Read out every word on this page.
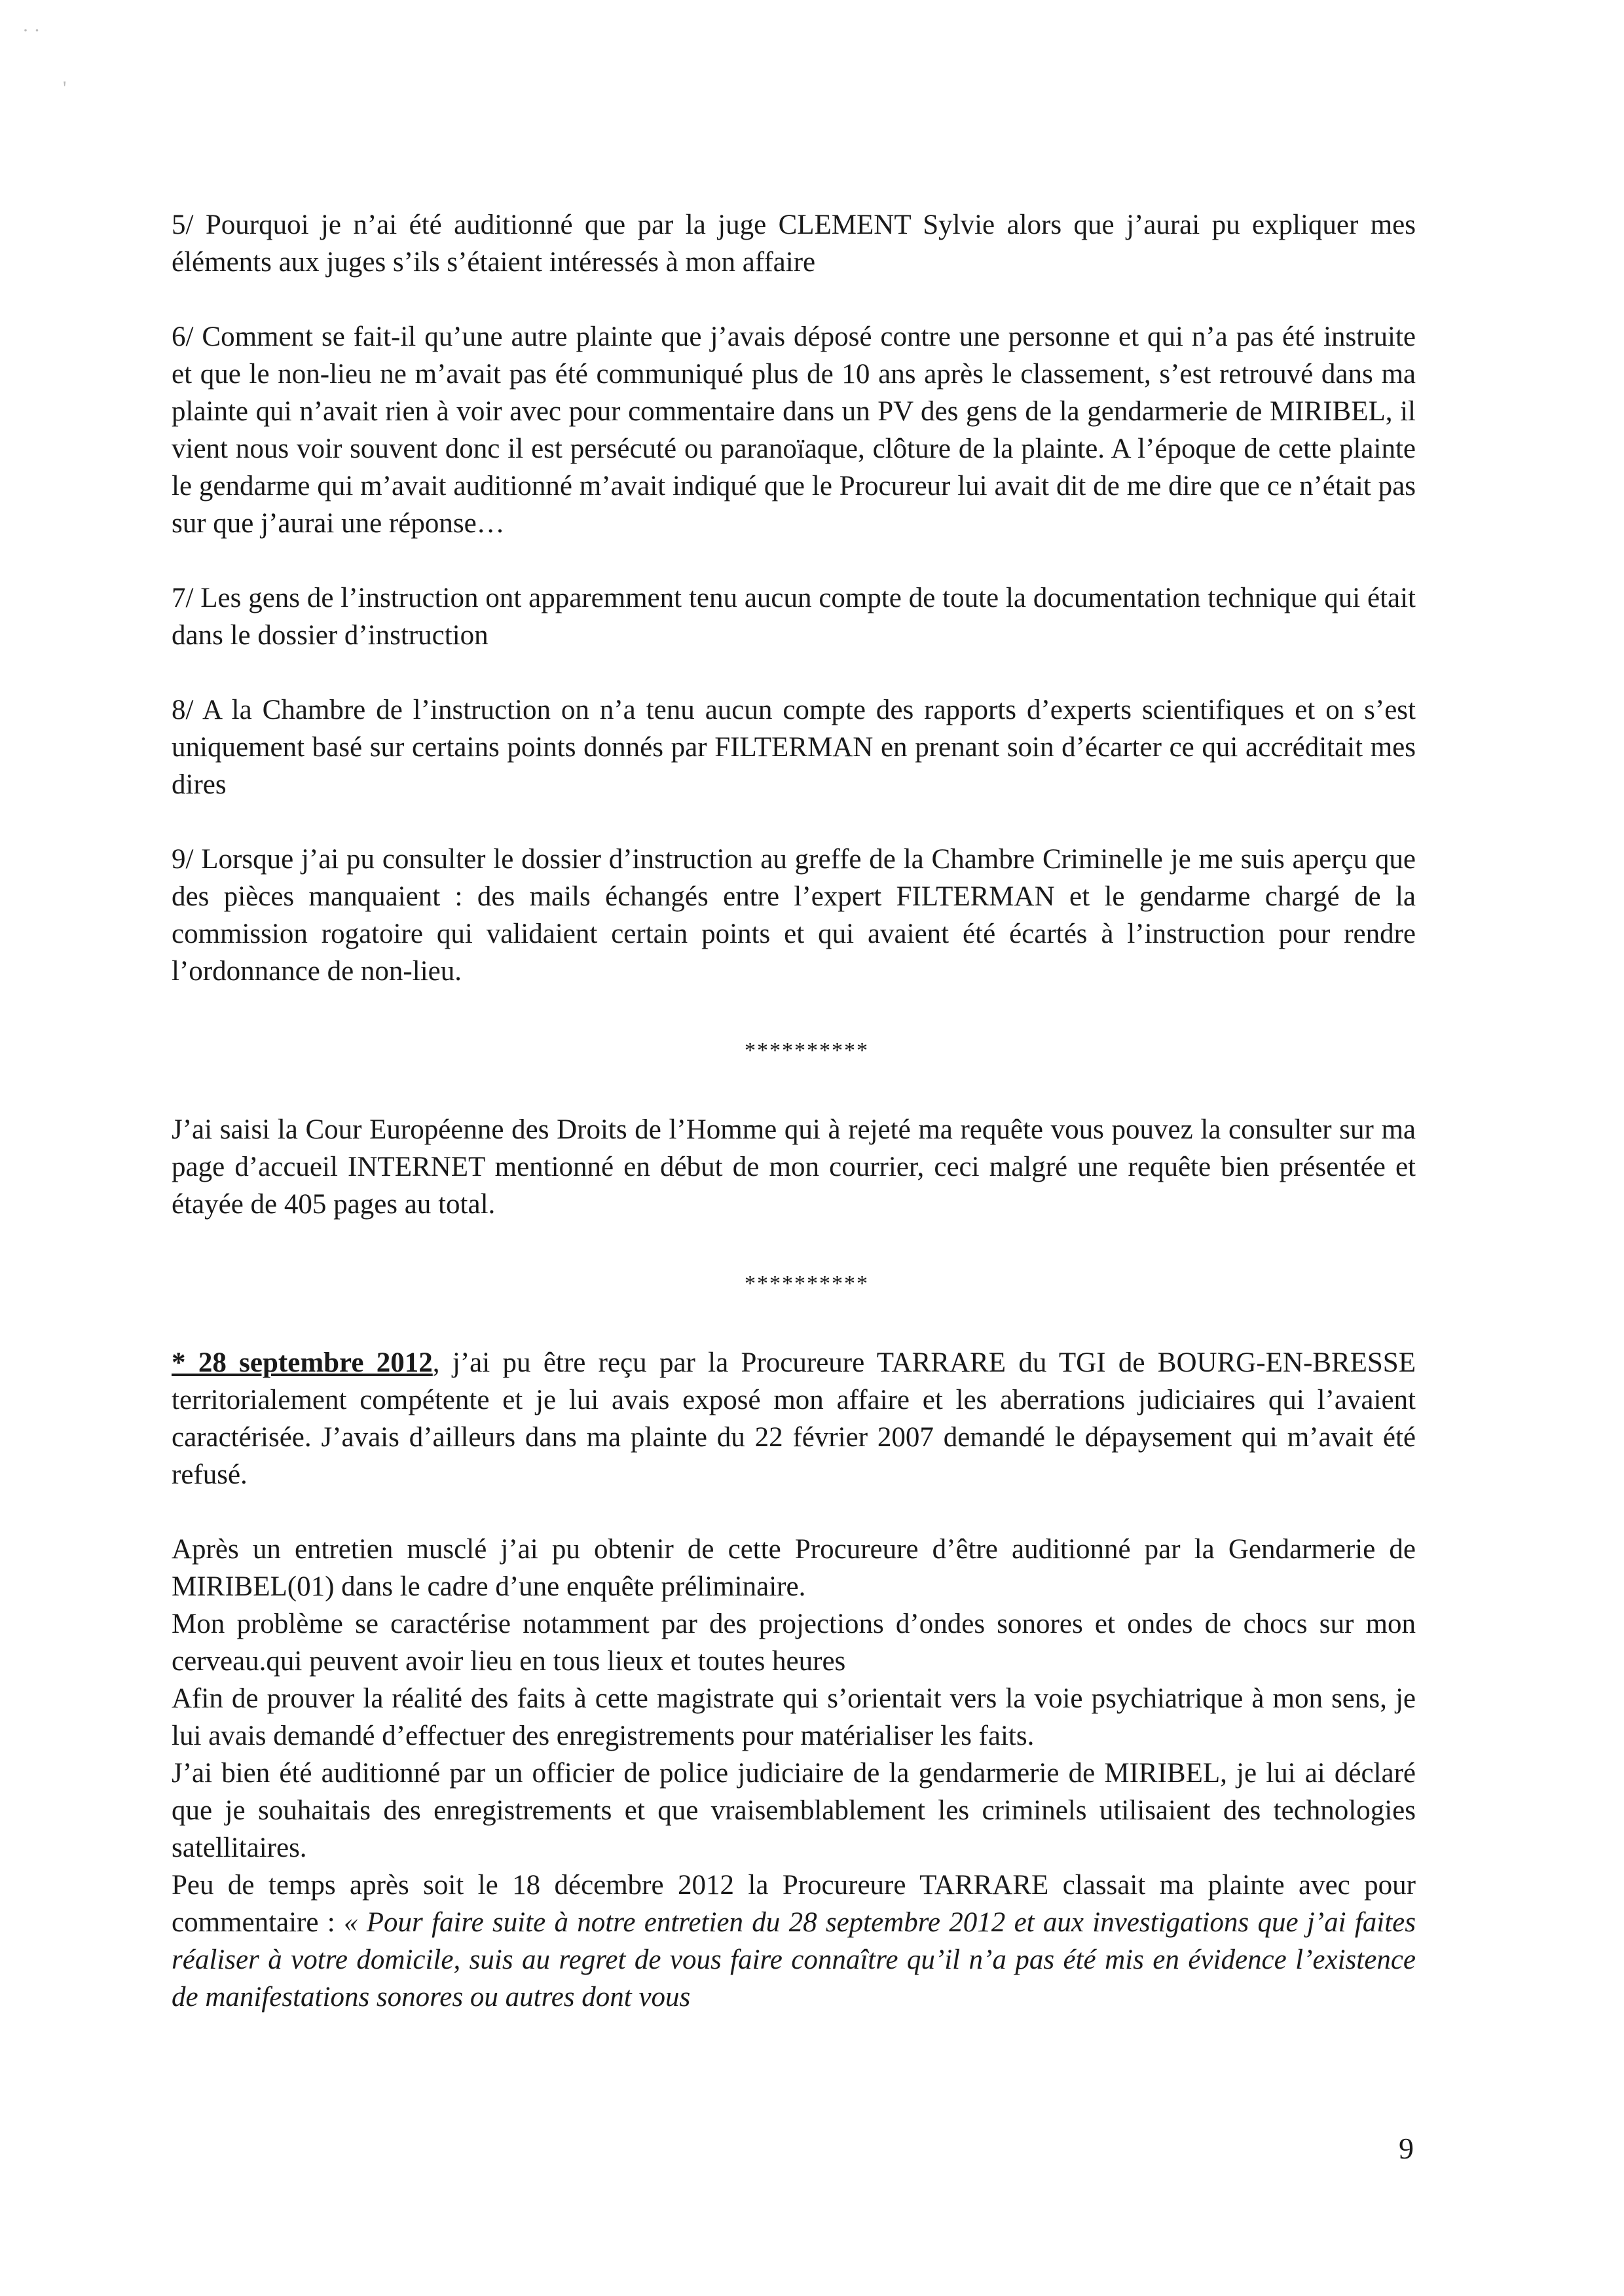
· ·
'

5/ Pourquoi je n’ai été auditionné que par la juge CLEMENT Sylvie alors que j’aurai pu expliquer mes éléments aux juges s’ils s’étaient intéressés à mon affaire

6/ Comment se fait-il qu’une autre plainte que j’avais déposé contre une personne et qui n’a pas été instruite et que le non-lieu ne m’avait pas été communiqué plus de 10 ans après le classement, s’est retrouvé dans ma plainte qui n’avait rien à voir avec pour commentaire dans un PV des gens de la gendarmerie de MIRIBEL, il vient nous voir souvent donc il est persécuté ou paranoïaque, clôture de la plainte. A l’époque de cette plainte le gendarme qui m’avait auditionné m’avait indiqué que le Procureur lui avait dit de me dire que ce n’était pas sur que j’aurai une réponse…

7/ Les gens de l’instruction ont apparemment tenu aucun compte de toute la documentation technique qui était dans le dossier d’instruction

8/ A la Chambre de l’instruction on n’a tenu aucun compte des rapports d’experts scientifiques et on s’est uniquement basé sur certains points donnés par FILTERMAN en prenant soin d’écarter ce qui accréditait mes dires

9/ Lorsque j’ai pu consulter le dossier d’instruction au greffe de la Chambre Criminelle je me suis aperçu que des pièces manquaient : des mails échangés entre l’expert FILTERMAN et le gendarme chargé de la commission rogatoire qui validaient certain points et qui avaient été écartés à l’instruction pour rendre l’ordonnance de non-lieu.

**********

J’ai saisi la Cour Européenne des Droits de l’Homme qui à rejeté ma requête vous pouvez la consulter sur ma page d’accueil INTERNET mentionné en début de mon courrier, ceci malgré une requête bien présentée et étayée de 405 pages au total.

**********

* 28 septembre 2012, j’ai pu être reçu par la Procureure TARRARE du TGI de BOURG-EN-BRESSE territorialement compétente et je lui avais exposé mon affaire et les aberrations judiciaires qui l’avaient caractérisée. J’avais d’ailleurs dans ma plainte du 22 février 2007 demandé le dépaysement qui m’avait été refusé.

Après un entretien musclé j’ai pu obtenir de cette Procureure d’être auditionné par la Gendarmerie de MIRIBEL(01) dans le cadre d’une enquête préliminaire.

Mon problème se caractérise notamment par des projections d’ondes sonores et ondes de chocs sur mon cerveau.qui peuvent avoir lieu en tous lieux et toutes heures

Afin de prouver la réalité des faits à cette magistrate qui s’orientait vers la voie psychiatrique à mon sens, je lui avais demandé d’effectuer des enregistrements pour matérialiser les faits.

J’ai bien été auditionné par un officier de police judiciaire de la gendarmerie de MIRIBEL, je lui ai déclaré que je souhaitais des enregistrements et que vraisemblablement les criminels utilisaient des technologies satellitaires.

Peu de temps après soit le 18 décembre 2012 la Procureure TARRARE classait ma plainte avec pour commentaire : « Pour faire suite à notre entretien du 28 septembre 2012 et aux investigations que j’ai faites réaliser à votre domicile, suis au regret de vous faire connaître qu’il n’a pas été mis en évidence l’existence de manifestations sonores ou autres dont vous

9
